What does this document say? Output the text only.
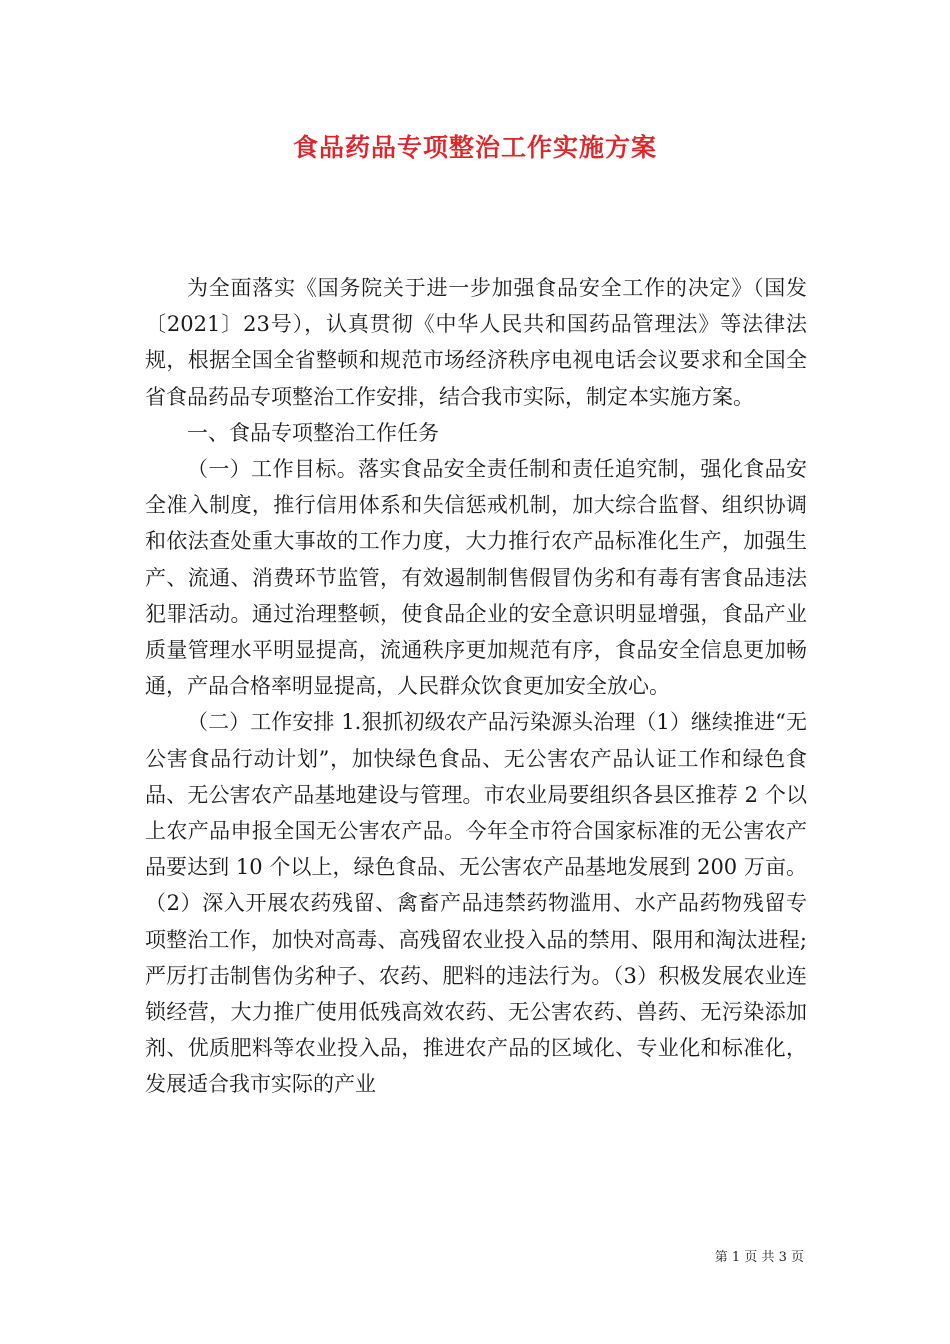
食品药品专项整治工作实施方案

为全面落实《国务院关于进一步加强食品安全工作的决定》（国发〔2021〕23号），认真贯彻《中华人民共和国药品管理法》等法律法规，根据全国全省整顿和规范市场经济秩序电视电话会议要求和全国全省食品药品专项整治工作安排，结合我市实际，制定本实施方案。

一、食品专项整治工作任务

（一）工作目标。落实食品安全责任制和责任追究制，强化食品安全准入制度，推行信用体系和失信惩戒机制，加大综合监督、组织协调和依法查处重大事故的工作力度，大力推行农产品标准化生产，加强生产、流通、消费环节监管，有效遏制制售假冒伪劣和有毒有害食品违法犯罪活动。通过治理整顿，使食品企业的安全意识明显增强，食品产业质量管理水平明显提高，流通秩序更加规范有序，食品安全信息更加畅通，产品合格率明显提高，人民群众饮食更加安全放心。

（二）工作安排 1.狠抓初级农产品污染源头治理（1）继续推进“无公害食品行动计划”，加快绿色食品、无公害农产品认证工作和绿色食品、无公害农产品基地建设与管理。市农业局要组织各县区推荐 2 个以上农产品申报全国无公害农产品。今年全市符合国家标准的无公害农产品要达到 10 个以上，绿色食品、无公害农产品基地发展到 200 万亩。（2）深入开展农药残留、禽畜产品违禁药物滥用、水产品药物残留专项整治工作，加快对高毒、高残留农业投入品的禁用、限用和淘汰进程;严厉打击制售伪劣种子、农药、肥料的违法行为。（3）积极发展农业连锁经营，大力推广使用低残高效农药、无公害农药、兽药、无污染添加剂、优质肥料等农业投入品，推进农产品的区域化、专业化和标准化，发展适合我市实际的产业

第 1 页 共 3 页
